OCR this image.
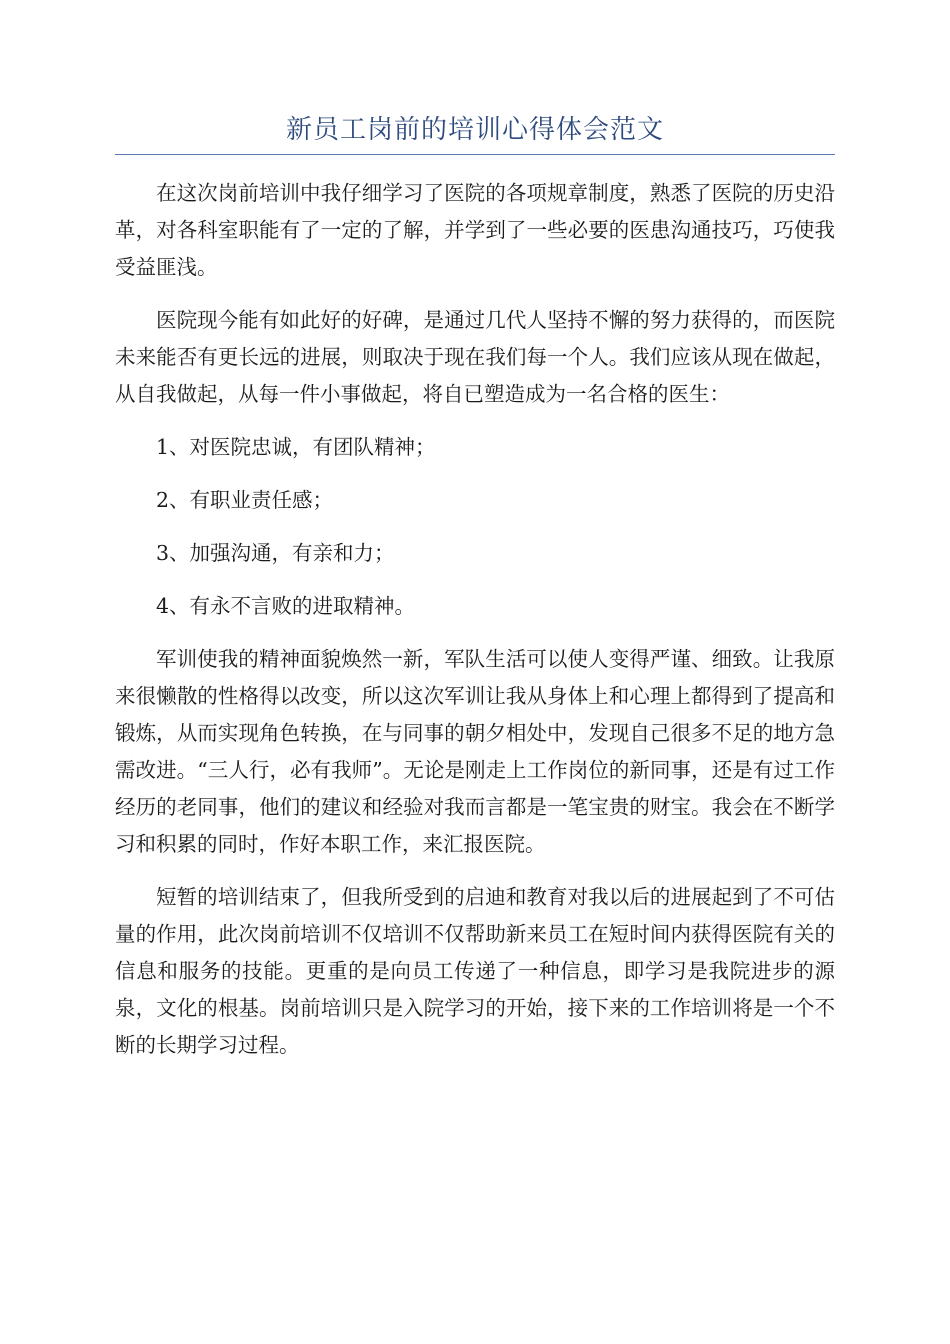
新员工岗前的培训心得体会范文

在这次岗前培训中我仔细学习了医院的各项规章制度，熟悉了医院的历史沿革，对各科室职能有了一定的了解，并学到了一些必要的医患沟通技巧，巧使我受益匪浅。

医院现今能有如此好的好碑，是通过几代人坚持不懈的努力获得的，而医院未来能否有更长远的进展，则取决于现在我们每一个人。我们应该从现在做起，从自我做起，从每一件小事做起，将自已塑造成为一名合格的医生：

1、对医院忠诚，有团队精神；

2、有职业责任感；

3、加强沟通，有亲和力；

4、有永不言败的进取精神。

军训使我的精神面貌焕然一新，军队生活可以使人变得严谨、细致。让我原来很懒散的性格得以改变，所以这次军训让我从身体上和心理上都得到了提高和锻炼，从而实现角色转换，在与同事的朝夕相处中，发现自己很多不足的地方急需改进。“三人行，必有我师”。无论是刚走上工作岗位的新同事，还是有过工作经历的老同事，他们的建议和经验对我而言都是一笔宝贵的财宝。我会在不断学习和积累的同时，作好本职工作，来汇报医院。

短暂的培训结束了，但我所受到的启迪和教育对我以后的进展起到了不可估量的作用，此次岗前培训不仅培训不仅帮助新来员工在短时间内获得医院有关的信息和服务的技能。更重的是向员工传递了一种信息，即学习是我院进步的源泉，文化的根基。岗前培训只是入院学习的开始，接下来的工作培训将是一个不断的长期学习过程。
